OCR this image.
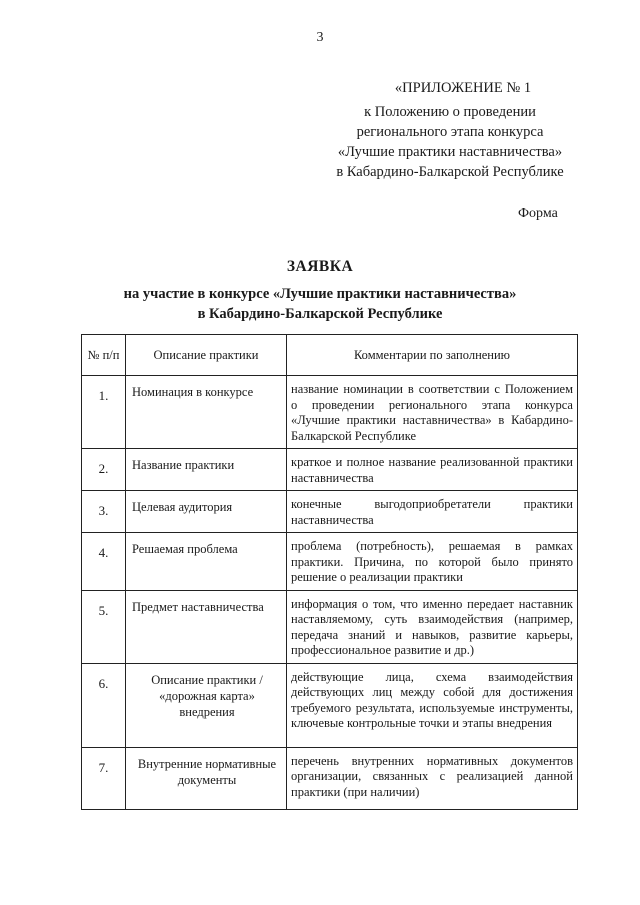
3
«ПРИЛОЖЕНИЕ № 1
к Положению о проведении
регионального этапа конкурса
«Лучшие практики наставничества»
в Кабардино-Балкарской Республике
Форма
ЗАЯВКА
на участие в конкурсе «Лучшие практики наставничества»
в Кабардино-Балкарской Республике
№ п/п	Описание практики	Комментарии по заполнению
1.	Номинация в конкурсе	название номинации в соответствии с Положением о проведении регионального этапа конкурса «Лучшие практики наставничества» в Кабардино-Балкарской Республике
2.	Название практики	краткое и полное название реализованной практики наставничества
3.	Целевая аудитория	конечные выгодоприобретатели практики наставничества
4.	Решаемая проблема	проблема (потребность), решаемая в рамках практики. Причина, по которой было принято решение о реализации практики
5.	Предмет наставничества	информация о том, что именно передает наставник наставляемому, суть взаимодействия (например, передача знаний и навыков, развитие карьеры, профессиональное развитие и др.)
6.	Описание практики / «дорожная карта» внедрения	действующие лица, схема взаимодействия действующих лиц между собой для достижения требуемого результата, используемые инструменты, ключевые контрольные точки и этапы внедрения
7.	Внутренние нормативные документы	перечень внутренних нормативных документов организации, связанных с реализацией данной практики (при наличии)
